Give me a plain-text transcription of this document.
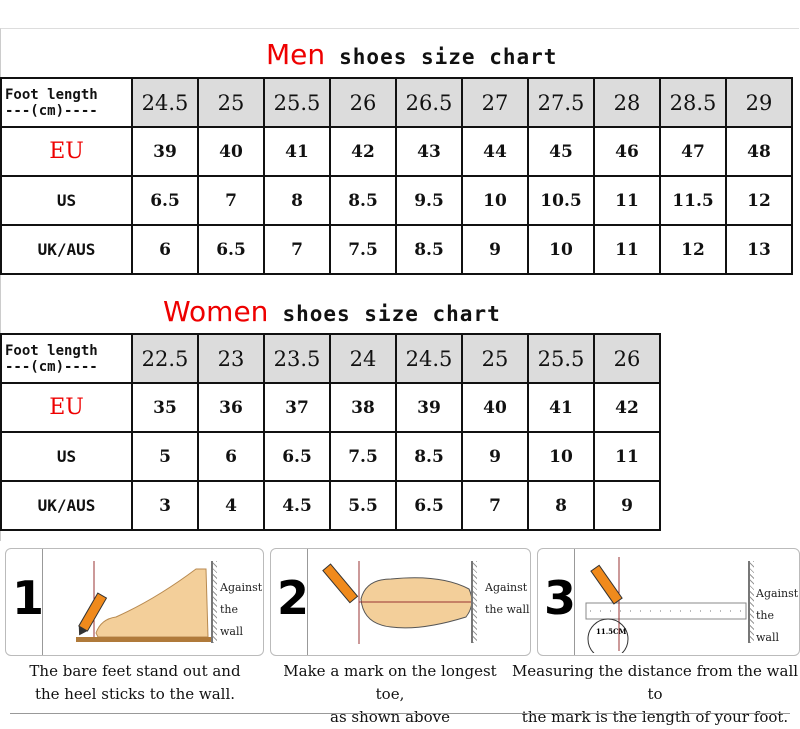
Men shoes size chart
Foot length
---(cm)----	24.5	25	25.5	26	26.5	27	27.5	28	28.5	29
EU	39	40	41	42	43	44	45	46	47	48
US	6.5	7	8	8.5	9.5	10	10.5	11	11.5	12
UK/AUS	6	6.5	7	7.5	8.5	9	10	11	12	13
Women shoes size chart
Foot length
---(cm)----	22.5	23	23.5	24	24.5	25	25.5	26
EU	35	36	37	38	39	40	41	42
US	5	6	6.5	7.5	8.5	9	10	11
UK/AUS	3	4	4.5	5.5	6.5	7	8	9
1	Against
the wall
2	Against
the wall 3
11.5CM
Against
the wall
The bare feet stand out and
the heel sticks to the wall.
Make a mark on the longest toe,
as shown above
Measuring the distance from the wall to
the mark is the length of your foot.
